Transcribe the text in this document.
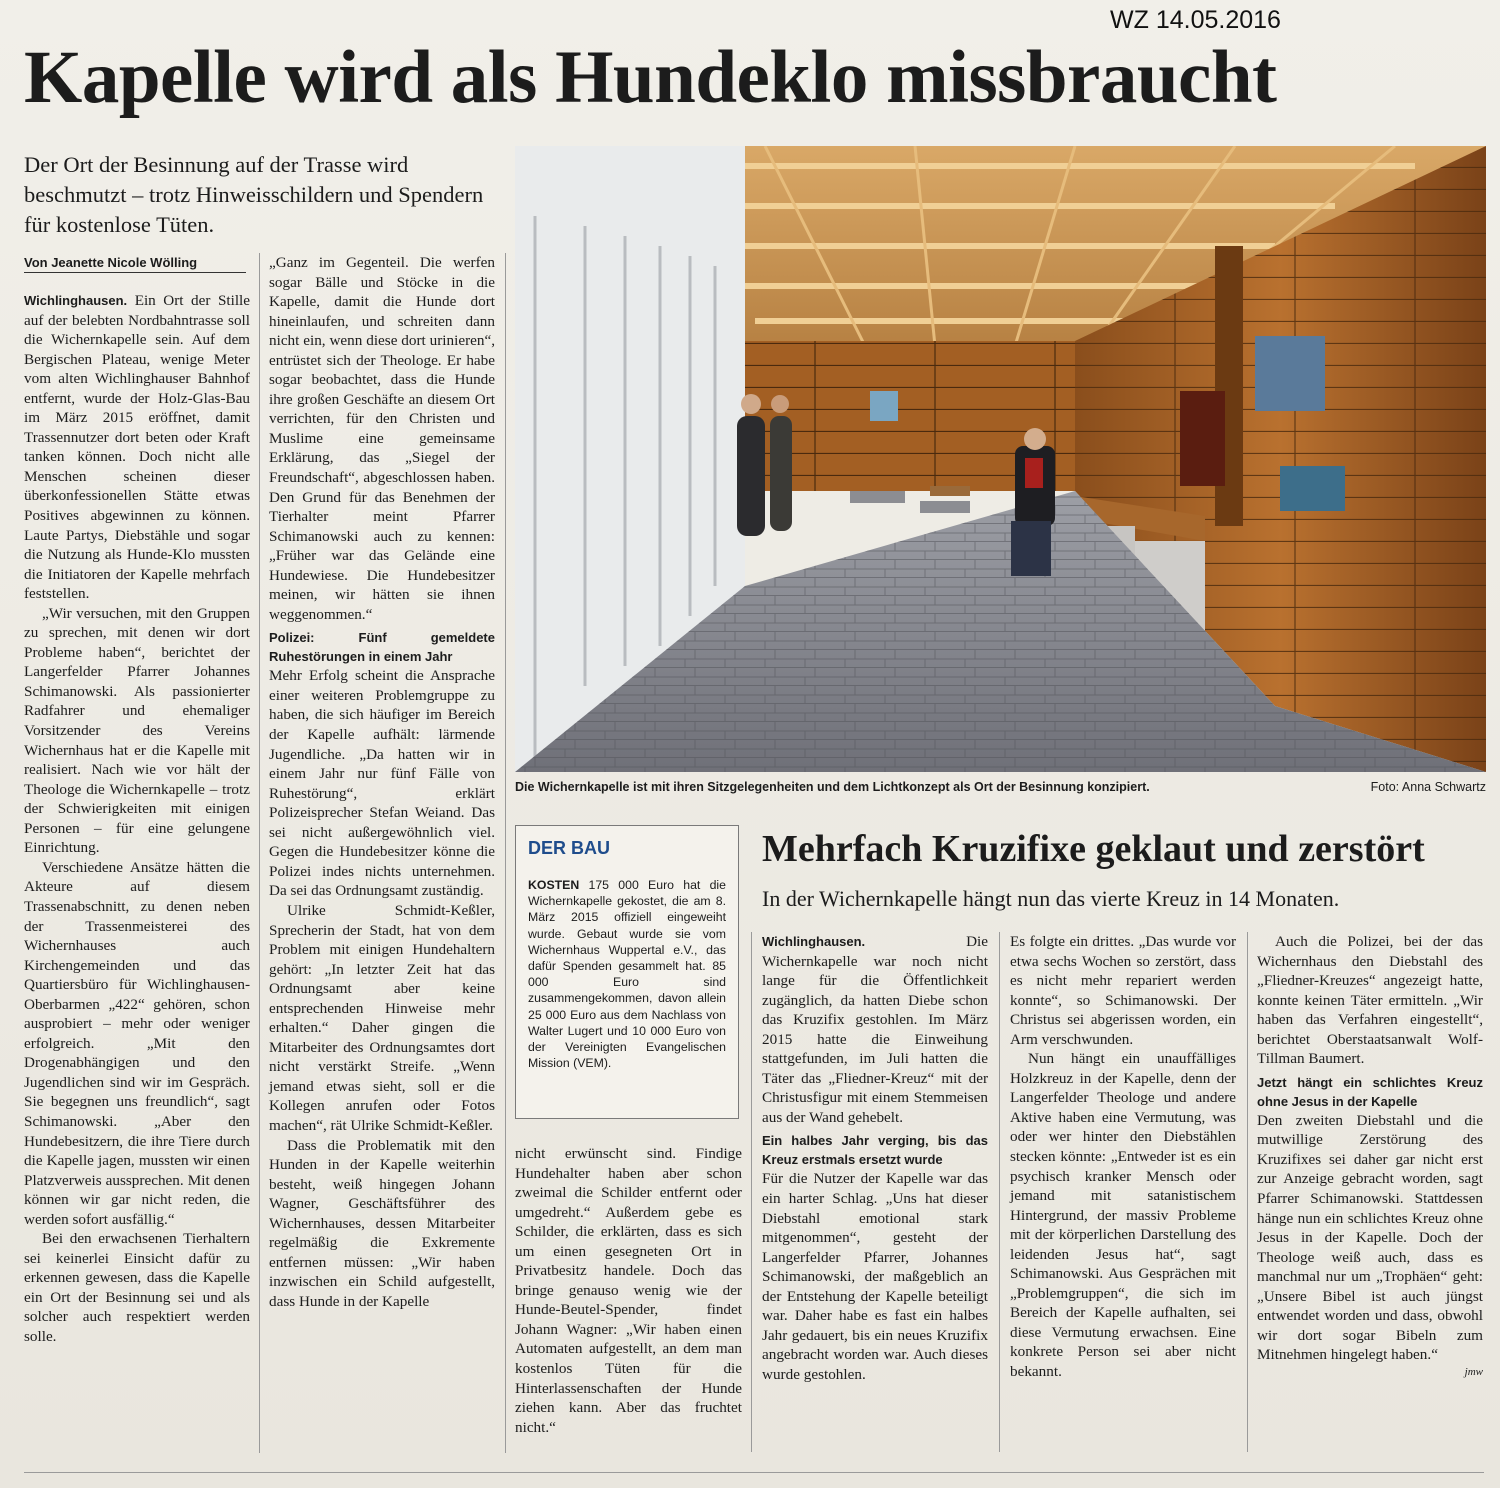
WZ 14.05.2016
Kapelle wird als Hundeklo missbraucht
Der Ort der Besinnung auf der Trasse wird beschmutzt – trotz Hinweisschildern und Spendern für kostenlose Tüten.
Von Jeanette Nicole Wölling

Wichlinghausen. Ein Ort der Stille auf der belebten Nordbahntrasse soll die Wichernkapelle sein. Auf dem Bergischen Plateau, wenige Meter vom alten Wichlinghauser Bahnhof entfernt, wurde der Holz-Glas-Bau im März 2015 eröffnet, damit Trassennutzer dort beten oder Kraft tanken können. Doch nicht alle Menschen scheinen dieser überkonfessionellen Stätte etwas Positives abgewinnen zu können. Laute Partys, Diebstähle und sogar die Nutzung als Hunde-Klo mussten die Initiatoren der Kapelle mehrfach feststellen.

„Wir versuchen, mit den Gruppen zu sprechen, mit denen wir dort Probleme haben“, berichtet der Langerfelder Pfarrer Johannes Schimanowski. Als passionierter Radfahrer und ehemaliger Vorsitzender des Vereins Wichernhaus hat er die Kapelle mit realisiert. Nach wie vor hält der Theologe die Wichernkapelle – trotz der Schwierigkeiten mit einigen Personen – für eine gelungene Einrichtung.

Verschiedene Ansätze hätten die Akteure auf diesem Trassenabschnitt, zu denen neben der Trassenmeisterei des Wichernhauses auch Kirchengemeinden und das Quartiersbüro für Wichlinghausen-Oberbarmen „422“ gehören, schon ausprobiert – mehr oder weniger erfolgreich. „Mit den Drogenabhängigen und den Jugendlichen sind wir im Gespräch. Sie begegnen uns freundlich“, sagt Schimanowski. „Aber den Hundebesitzern, die ihre Tiere durch die Kapelle jagen, mussten wir einen Platzverweis aussprechen. Mit denen können wir gar nicht reden, die werden sofort ausfällig.“

Bei den erwachsenen Tierhaltern sei keinerlei Einsicht dafür zu erkennen gewesen, dass die Kapelle ein Ort der Besinnung sei und als solcher auch respektiert werden solle.

„Ganz im Gegenteil. Die werfen sogar Bälle und Stöcke in die Kapelle, damit die Hunde dort hineinlaufen, und schreiten dann nicht ein, wenn diese dort urinieren“, entrüstet sich der Theologe. Er habe sogar beobachtet, dass die Hunde ihre großen Geschäfte an diesem Ort verrichten, für den Christen und Muslime eine gemeinsame Erklärung, das „Siegel der Freundschaft“, abgeschlossen haben. Den Grund für das Benehmen der Tierhalter meint Pfarrer Schimanowski auch zu kennen: „Früher war das Gelände eine Hundewiese. Die Hundebesitzer meinen, wir hätten sie ihnen weggenommen.“

Polizei: Fünf gemeldete Ruhestörungen in einem Jahr

Mehr Erfolg scheint die Ansprache einer weiteren Problemgruppe zu haben, die sich häufiger im Bereich der Kapelle aufhält: lärmende Jugendliche. „Da hatten wir in einem Jahr nur fünf Fälle von Ruhestörung“, erklärt Polizeisprecher Stefan Weiand. Das sei nicht außergewöhnlich viel. Gegen die Hundebesitzer könne die Polizei indes nichts unternehmen. Da sei das Ordnungsamt zuständig.

Ulrike Schmidt-Keßler, Sprecherin der Stadt, hat von dem Problem mit einigen Hundehaltern gehört: „In letzter Zeit hat das Ordnungsamt aber keine entsprechenden Hinweise mehr erhalten.“ Daher gingen die Mitarbeiter des Ordnungsamtes dort nicht verstärkt Streife. „Wenn jemand etwas sieht, soll er die Kollegen anrufen oder Fotos machen“, rät Ulrike Schmidt-Keßler.

Dass die Problematik mit den Hunden in der Kapelle weiterhin besteht, weiß hingegen Johann Wagner, Geschäftsführer des Wichernhauses, dessen Mitarbeiter regelmäßig die Exkremente entfernen müssen: „Wir haben inzwischen ein Schild aufgestellt, dass Hunde in der Kapelle

Die Wichernkapelle ist mit ihren Sitzgelegenheiten und dem Lichtkonzept als Ort der Besinnung konzipiert.	Foto: Anna Schwartz
DER BAU
KOSTEN 175 000 Euro hat die Wichernkapelle gekostet, die am 8. März 2015 offiziell eingeweiht wurde. Gebaut wurde sie vom Wichernhaus Wuppertal e.V., das dafür Spenden gesammelt hat. 85 000 Euro sind zusammengekommen, davon allein 25 000 Euro aus dem Nachlass von Walter Lugert und 10 000 Euro von der Vereinigten Evangelischen Mission (VEM).

nicht erwünscht sind. Findige Hundehalter haben aber schon zweimal die Schilder entfernt oder umgedreht.“ Außerdem gebe es Schilder, die erklärten, dass es sich um einen gesegneten Ort in Privatbesitz handele. Doch das bringe genauso wenig wie der Hunde-Beutel-Spender, findet Johann Wagner: „Wir haben einen Automaten aufgestellt, an dem man kostenlos Tüten für die Hinterlassenschaften der Hunde ziehen kann. Aber das fruchtet nicht.“

Mehrfach Kruzifixe geklaut und zerstört
In der Wichernkapelle hängt nun das vierte Kreuz in 14 Monaten.

Wichlinghausen.	Die Wichernkapelle war noch nicht lange für die Öffentlichkeit zugänglich, da hatten Diebe schon das Kruzifix gestohlen. Im März 2015 hatte die Einweihung stattgefunden, im Juli hatten die Täter das „Fliedner-Kreuz“ mit der Christusfigur mit einem Stemmeisen aus der Wand gehebelt.

Ein halbes Jahr verging, bis das Kreuz erstmals ersetzt wurde

Für die Nutzer der Kapelle war das ein harter Schlag. „Uns hat dieser Diebstahl emotional stark mitgenommen“, gesteht der Langerfelder Pfarrer, Johannes Schimanowski, der maßgeblich an der Entstehung der Kapelle beteiligt war. Daher habe es fast ein halbes Jahr gedauert, bis ein neues Kruzifix angebracht worden war. Auch dieses wurde gestohlen.

Es folgte ein drittes. „Das wurde vor etwa sechs Wochen so zerstört, dass es nicht mehr repariert werden konnte“, so Schimanowski. Der Christus sei abgerissen worden, ein Arm verschwunden.

Nun hängt ein unauffälliges Holzkreuz in der Kapelle, denn der Langerfelder Theologe und andere Aktive haben eine Vermutung, was oder wer hinter den Diebstählen stecken könnte: „Entweder ist es ein psychisch kranker Mensch oder jemand mit satanistischem Hintergrund, der massiv Probleme mit der körperlichen Darstellung des leidenden Jesus hat“, sagt Schimanowski. Aus Gesprächen mit „Problemgruppen“, die sich im Bereich der Kapelle aufhalten, sei diese Vermutung erwachsen. Eine konkrete Person sei aber nicht bekannt.

Auch die Polizei, bei der das Wichernhaus den Diebstahl des „Fliedner-Kreuzes“ angezeigt hatte, konnte keinen Täter ermitteln. „Wir haben das Verfahren eingestellt“, berichtet Oberstaatsanwalt Wolf-Tillman Baumert.

Jetzt hängt ein schlichtes Kreuz ohne Jesus in der Kapelle

Den zweiten Diebstahl und die mutwillige Zerstörung des Kruzifixes sei daher gar nicht erst zur Anzeige gebracht worden, sagt Pfarrer Schimanowski. Stattdessen hänge nun ein schlichtes Kreuz ohne Jesus in der Kapelle. Doch der Theologe weiß auch, dass es manchmal nur um „Trophäen“ geht: „Unsere Bibel ist auch jüngst entwendet worden und dass, obwohl wir dort sogar Bibeln zum Mitnehmen hingelegt haben.“

jmw
